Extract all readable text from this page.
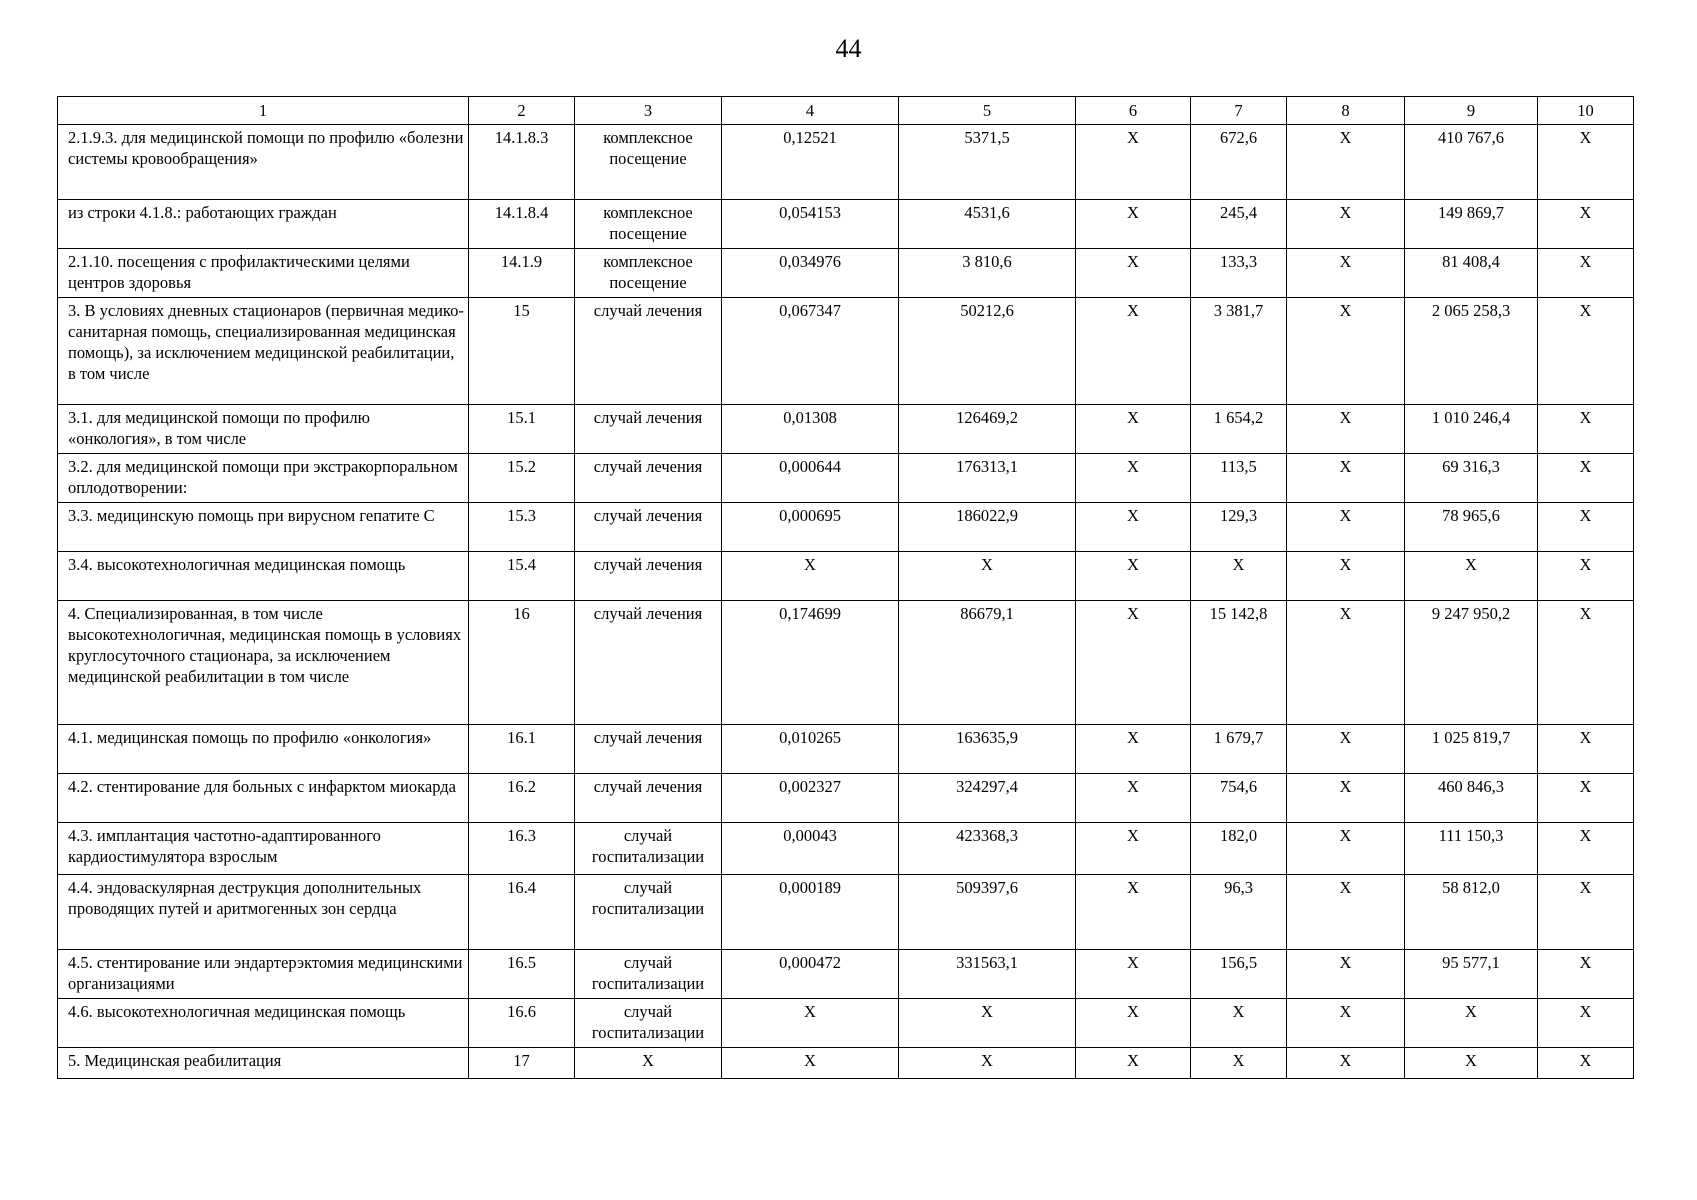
44
1	2	3	4	5	6	7	8	9	10
2.1.9.3. для медицинской помощи по профилю «болезни системы кровообращения»	14.1.8.3	комплексное посещение	0,12521	5371,5	X	672,6	X	410 767,6	X
из строки 4.1.8.: работающих граждан	14.1.8.4	комплексное посещение	0,054153	4531,6	X	245,4	X	149 869,7	X
2.1.10. посещения с профилактическими целями центров здоровья	14.1.9	комплексное посещение	0,034976	3 810,6	X	133,3	X	81 408,4	X
3. В условиях дневных стационаров (первичная медико-санитарная помощь, специализированная медицинская помощь), за исключением медицинской реабилитации, в том числе	15	случай лечения	0,067347	50212,6	X	3 381,7	X	2 065 258,3	X
3.1. для медицинской помощи по профилю «онкология», в том числе	15.1	случай лечения	0,01308	126469,2	X	1 654,2	X	1 010 246,4	X
3.2. для медицинской помощи при экстракорпоральном оплодотворении:	15.2	случай лечения	0,000644	176313,1	X	113,5	X	69 316,3	X
3.3. медицинскую помощь при вирусном гепатите С	15.3	случай лечения	0,000695	186022,9	X	129,3	X	78 965,6	X
3.4. высокотехнологичная медицинская помощь	15.4	случай лечения	X	X	X	X	X	X	X
4. Специализированная, в том числе высокотехнологичная, медицинская помощь в условиях круглосуточного стационара, за исключением медицинской реабилитации в том числе	16	случай лечения	0,174699	86679,1	X	15 142,8	X	9 247 950,2	X
4.1. медицинская помощь по профилю «онкология»	16.1	случай лечения	0,010265	163635,9	X	1 679,7	X	1 025 819,7	X
4.2. стентирование для больных с инфарктом миокарда	16.2	случай лечения	0,002327	324297,4	X	754,6	X	460 846,3	X
4.3. имплантация частотно-адаптированного кардиостимулятора взрослым	16.3	случай госпитализации	0,00043	423368,3	X	182,0	X	111 150,3	X
4.4. эндоваскулярная деструкция дополнительных проводящих путей и аритмогенных зон сердца	16.4	случай госпитализации	0,000189	509397,6	X	96,3	X	58 812,0	X
4.5. стентирование или эндартерэктомия медицинскими организациями	16.5	случай госпитализации	0,000472	331563,1	X	156,5	X	95 577,1	X
4.6. высокотехнологичная медицинская помощь	16.6	случай госпитализации	X	X	X	X	X	X	X
5. Медицинская реабилитация	17	X	X	X	X	X	X	X	X
